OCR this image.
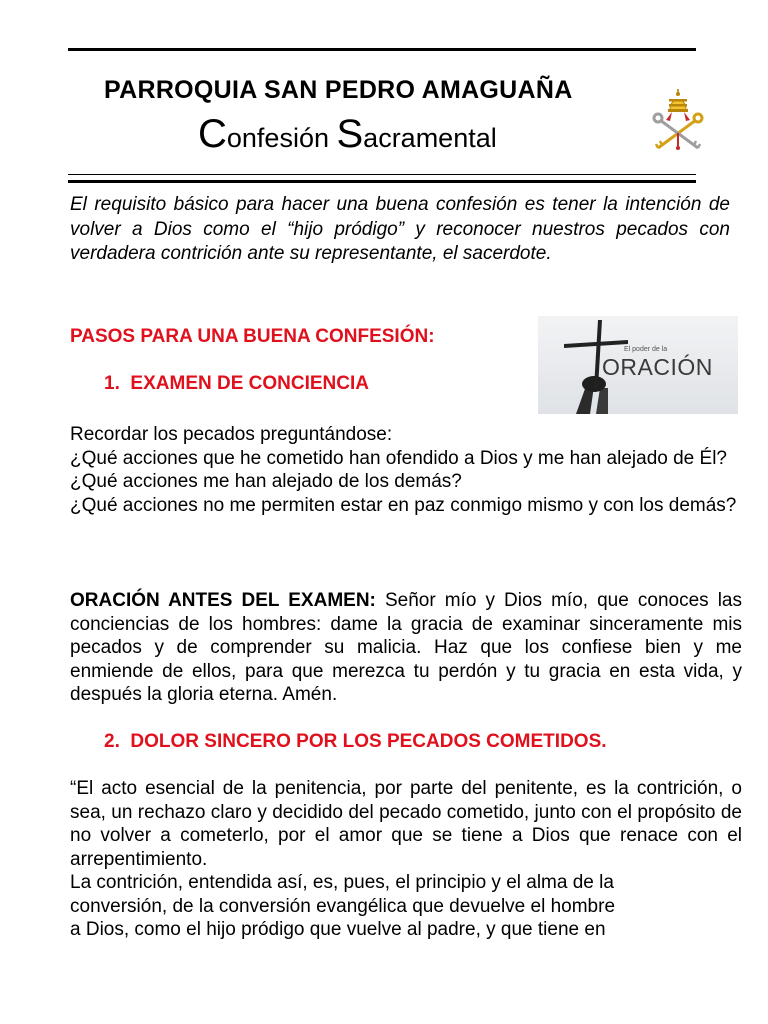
PARROQUIA SAN PEDRO AMAGUAÑA
Confesión Sacramental
El requisito básico para hacer una buena confesión es tener la intención de volver a Dios como el “hijo pródigo” y reconocer nuestros pecados con verdadera contrición ante su representante, el sacerdote.
PASOS PARA UNA BUENA CONFESIÓN:
El poder de la
ORACIÓN
1. EXAMEN DE CONCIENCIA

Recordar los pecados preguntándose:

¿Qué acciones que he cometido han ofendido a Dios y me han alejado de Él?

¿Qué acciones me han alejado de los demás?

¿Qué acciones no me permiten estar en paz conmigo mismo y con los demás?

ORACIÓN ANTES DEL EXAMEN: Señor mío y Dios mío, que conoces las conciencias de los hombres: dame la gracia de examinar sinceramente mis pecados y de comprender su malicia. Haz que los confiese bien y me enmiende de ellos, para que merezca tu perdón y tu gracia en esta vida, y después la gloria eterna. Amén.
2. DOLOR SINCERO POR LOS PECADOS COMETIDOS.

“El acto esencial de la penitencia, por parte del penitente, es la contrición, o sea, un rechazo claro y decidido del pecado cometido, junto con el propósito de no volver a cometerlo, por el amor que se tiene a Dios que renace con el arrepentimiento.

La contrición, entendida así, es, pues, el principio y el alma de la

conversión, de la conversión evangélica que devuelve el hombre

a Dios, como el hijo pródigo que vuelve al padre, y que tiene en
